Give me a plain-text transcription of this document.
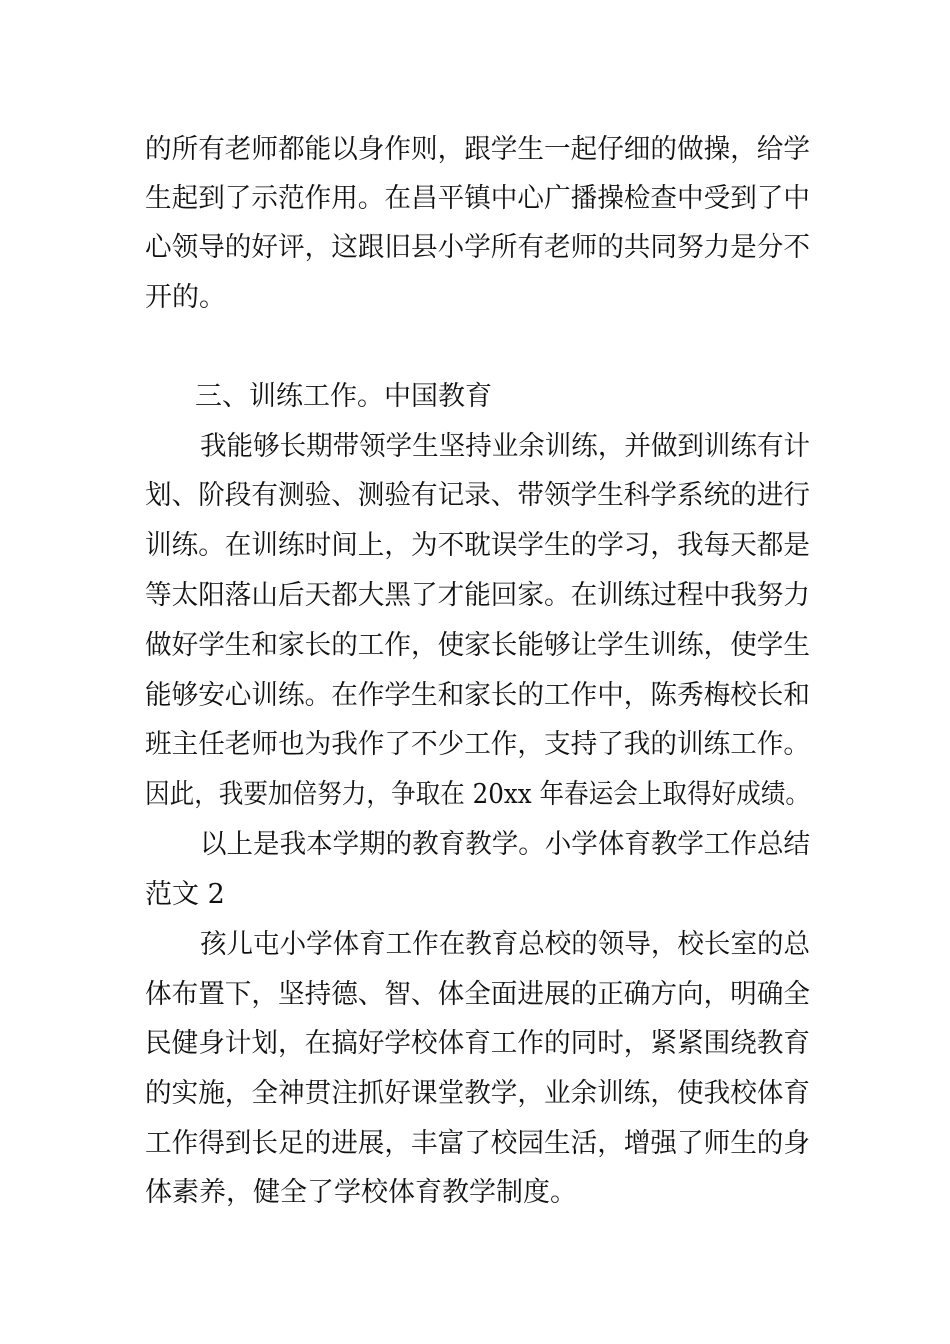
的所有老师都能以身作则，跟学生一起仔细的做操，给学
生起到了示范作用。在昌平镇中心广播操检查中受到了中
心领导的好评，这跟旧县小学所有老师的共同努力是分不
开的。
三、训练工作。中国教育
我能够长期带领学生坚持业余训练，并做到训练有计
划、阶段有测验、测验有记录、带领学生科学系统的进行
训练。在训练时间上，为不耽误学生的学习，我每天都是
等太阳落山后天都大黑了才能回家。在训练过程中我努力
做好学生和家长的工作，使家长能够让学生训练，使学生
能够安心训练。在作学生和家长的工作中，陈秀梅校长和
班主任老师也为我作了不少工作，支持了我的训练工作。
因此，我要加倍努力，争取在 20xx 年春运会上取得好成绩。
以上是我本学期的教育教学。小学体育教学工作总结
范文 2
孩儿屯小学体育工作在教育总校的领导，校长室的总
体布置下，坚持德、智、体全面进展的正确方向，明确全
民健身计划，在搞好学校体育工作的同时，紧紧围绕教育
的实施，全神贯注抓好课堂教学，业余训练，使我校体育
工作得到长足的进展，丰富了校园生活，增强了师生的身
体素养，健全了学校体育教学制度。
